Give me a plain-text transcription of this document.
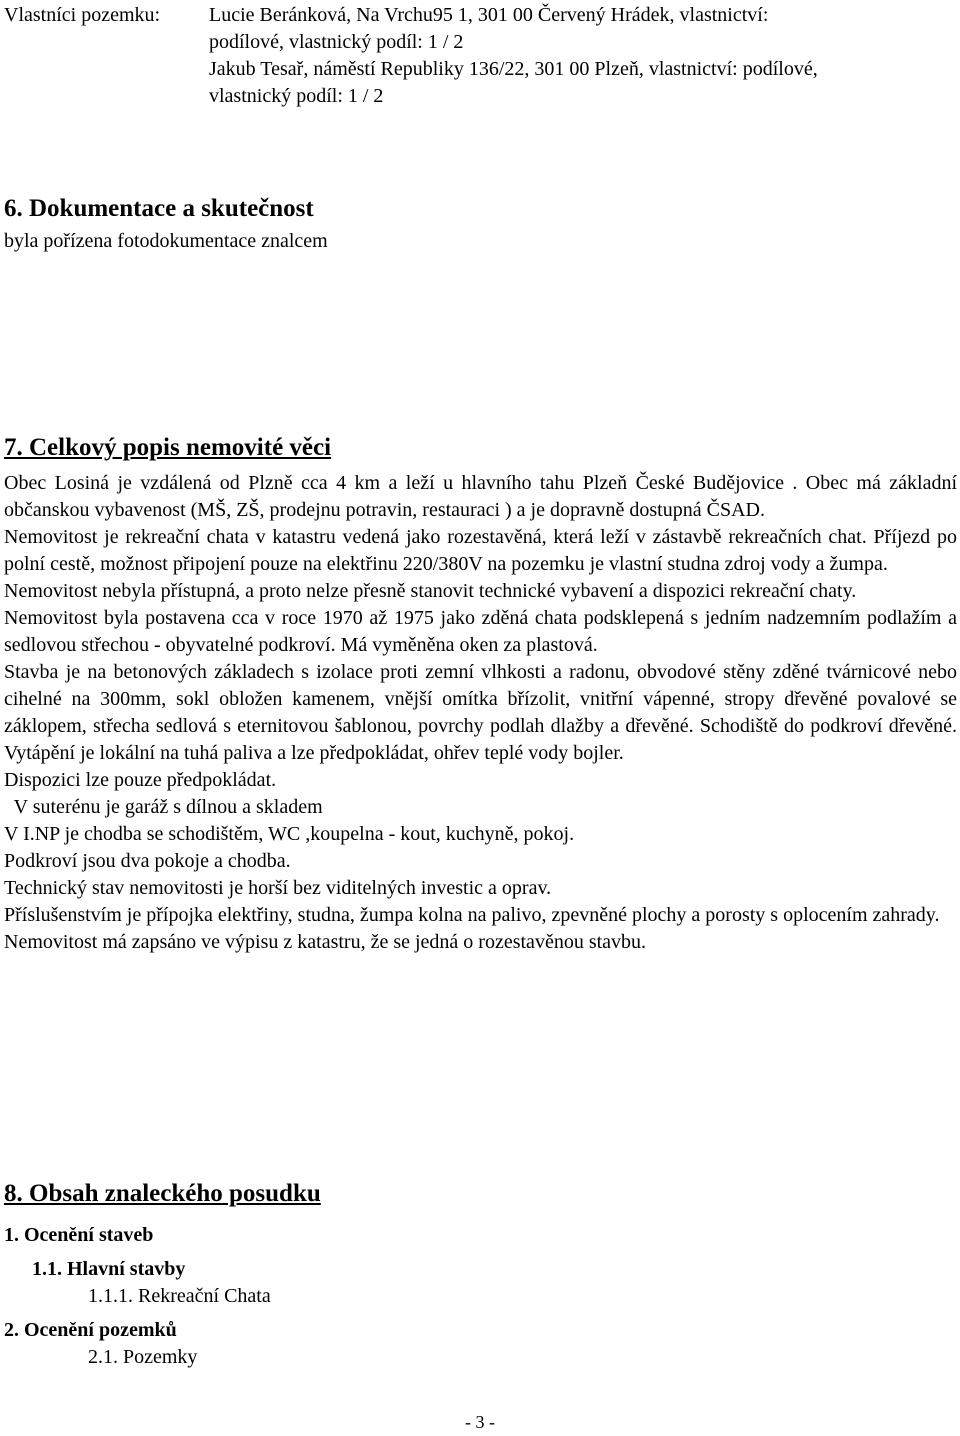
Vlastníci pozemku:	Lucie Beránková, Na Vrchu95 1, 301 00 Červený Hrádek, vlastnictví:
podílové, vlastnický podíl: 1 / 2
Jakub Tesař, náměstí Republiky 136/22, 301 00 Plzeň, vlastnictví: podílové,
vlastnický podíl: 1 / 2
6. Dokumentace a skutečnost
byla pořízena fotodokumentace znalcem
7. Celkový popis nemovité věci

Obec Losiná je vzdálená od Plzně cca 4 km a leží u hlavního tahu Plzeň České Budějovice . Obec má základní občanskou vybavenost (MŠ, ZŠ, prodejnu potravin, restauraci ) a je dopravně dostupná ČSAD.

Nemovitost je rekreační chata v katastru vedená jako rozestavěná, která leží v zástavbě rekreačních chat. Příjezd po polní cestě, možnost připojení pouze na elektřinu 220/380V na pozemku je vlastní studna zdroj vody a žumpa.

Nemovitost nebyla přístupná, a proto nelze přesně stanovit technické vybavení a dispozici rekreační chaty.

Nemovitost byla postavena cca v roce 1970 až 1975 jako zděná chata podsklepená s jedním nadzemním podlažím a sedlovou střechou - obyvatelné podkroví. Má vyměněna oken za plastová.

Stavba je na betonových základech s izolace proti zemní vlhkosti a radonu, obvodové stěny zděné tvárnicové nebo cihelné na 300mm, sokl obložen kamenem, vnější omítka břízolit, vnitřní vápenné, stropy dřevěné povalové se záklopem, střecha sedlová s eternitovou šablonou, povrchy podlah dlažby a dřevěné. Schodiště do podkroví dřevěné. Vytápění je lokální na tuhá paliva a lze předpokládat, ohřev teplé vody bojler.

Dispozici lze pouze předpokládat.

V suterénu je garáž s dílnou a skladem

V I.NP je chodba se schodištěm, WC ,koupelna - kout, kuchyně, pokoj.

Podkroví jsou dva pokoje a chodba.

Technický stav nemovitosti je horší bez viditelných investic a oprav.

Příslušenstvím je přípojka elektřiny, studna, žumpa kolna na palivo, zpevněné plochy a porosty s oplocením zahrady.

Nemovitost má zapsáno ve výpisu z katastru, že se jedná o rozestavěnou stavbu.

8. Obsah znaleckého posudku
1. Ocenění staveb
1.1. Hlavní stavby
1.1.1. Rekreační Chata
2. Ocenění pozemků
2.1. Pozemky
- 3 -
